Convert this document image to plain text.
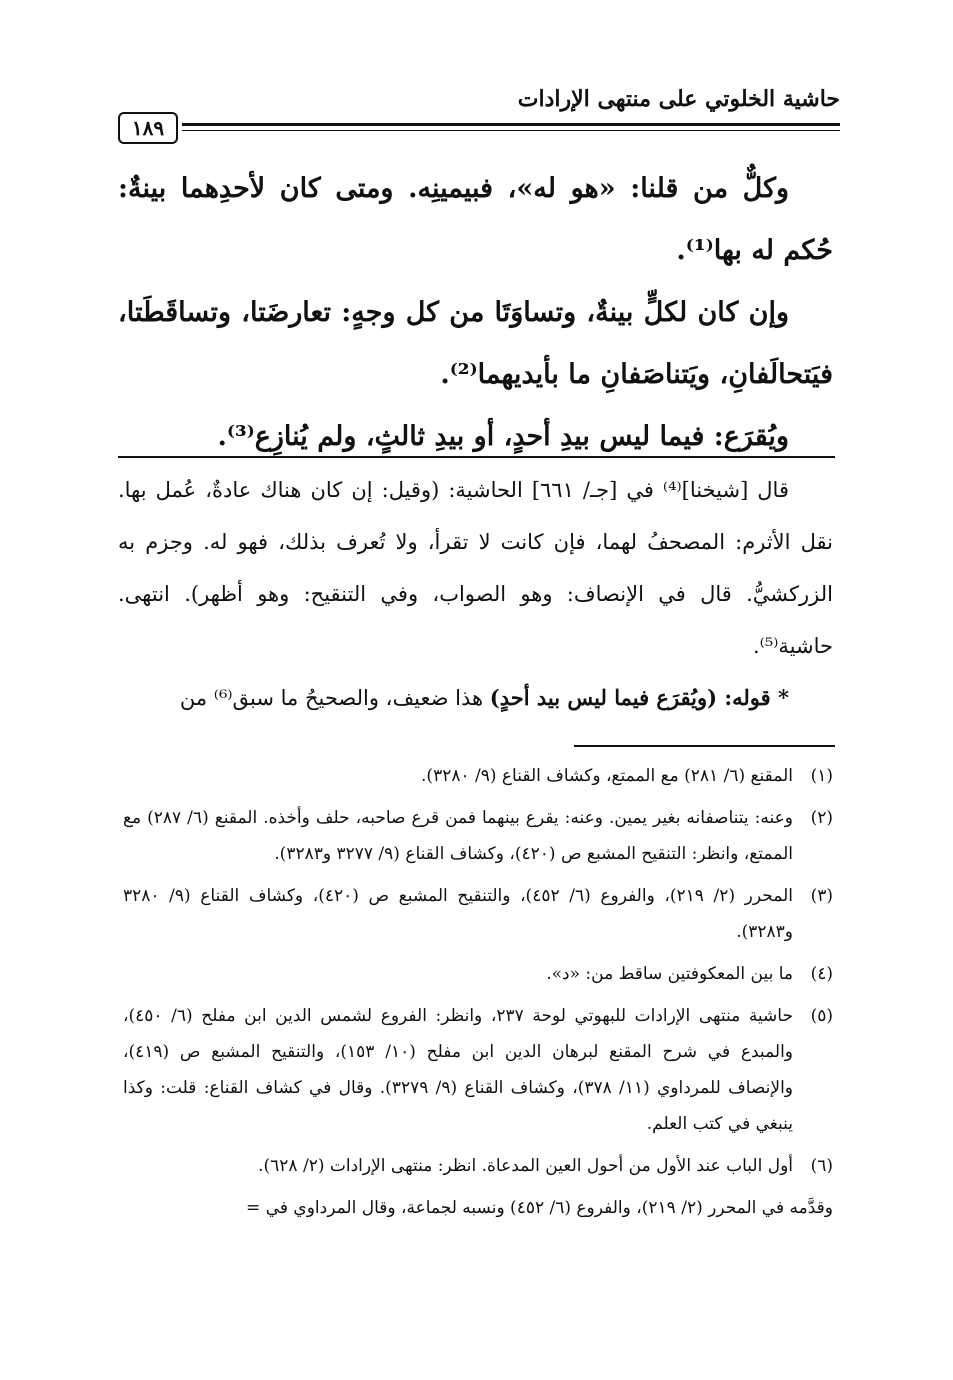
حاشية الخلوتي على منتهى الإرادات
١٨٩

وكلٌّ من قلنا: «هو له»، فبيمينِه. ومتى كان لأحدِهما بينةٌ: حُكم له بها⁽¹⁾.

وإن كان لكلٍّ بينةٌ، وتساوَتَا من كل وجهٍ: تعارضَتا، وتساقَطَتا، فيَتحالَفانِ، ويَتناصَفانِ ما بأيديهما⁽²⁾.

ويُقرَع: فيما ليس بيدِ أحدٍ، أو بيدِ ثالثٍ، ولم يُنازِع⁽³⁾.

قال [شيخنا]⁽⁴⁾ في [جـ/ ٦٦١] الحاشية: (وقيل: إن كان هناك عادةٌ، عُمل بها. نقل الأثرم: المصحفُ لهما، فإن كانت لا تقرأ، ولا تُعرف بذلك، فهو له. وجزم به الزركشيُّ. قال في الإنصاف: وهو الصواب، وفي التنقيح: وهو أظهر). انتهى. حاشية⁽⁵⁾.

* قوله: (ويُقرَع فيما ليس بيد أحدٍ) هذا ضعيف، والصحيحُ ما سبق⁽⁶⁾ من

(١)
المقنع (٦/ ٢٨١) مع الممتع، وكشاف القناع (٩/ ٣٢٨٠).
(٢)
وعنه: يتناصفانه بغير يمين. وعنه: يقرع بينهما فمن قرع صاحبه، حلف وأخذه. المقنع (٦/ ٢٨٧) مع الممتع، وانظر: التنقيح المشبع ص (٤٢٠)، وكشاف القناع (٩/ ٣٢٧٧ و٣٢٨٣).
(٣)
المحرر (٢/ ٢١٩)، والفروع (٦/ ٤٥٢)، والتنقيح المشبع ص (٤٢٠)، وكشاف القناع (٩/ ٣٢٨٠ و٣٢٨٣).
(٤)
ما بين المعكوفتين ساقط من: «د».
(٥)
حاشية منتهى الإرادات للبهوتي لوحة ٢٣٧، وانظر: الفروع لشمس الدين ابن مفلح (٦/ ٤٥٠)، والمبدع في شرح المقنع لبرهان الدين ابن مفلح (١٠/ ١٥٣)، والتنقيح المشبع ص (٤١٩)، والإنصاف للمرداوي (١١/ ٣٧٨)، وكشاف القناع (٩/ ٣٢٧٩). وقال في كشاف القناع: قلت: وكذا ينبغي في كتب العلم.
(٦)
أول الباب عند الأول من أحول العين المدعاة. انظر: منتهى الإرادات (٢/ ٦٢٨).
وقدَّمه في المحرر (٢/ ٢١٩)، والفروع (٦/ ٤٥٢) ونسبه لجماعة، وقال المرداوي في =
